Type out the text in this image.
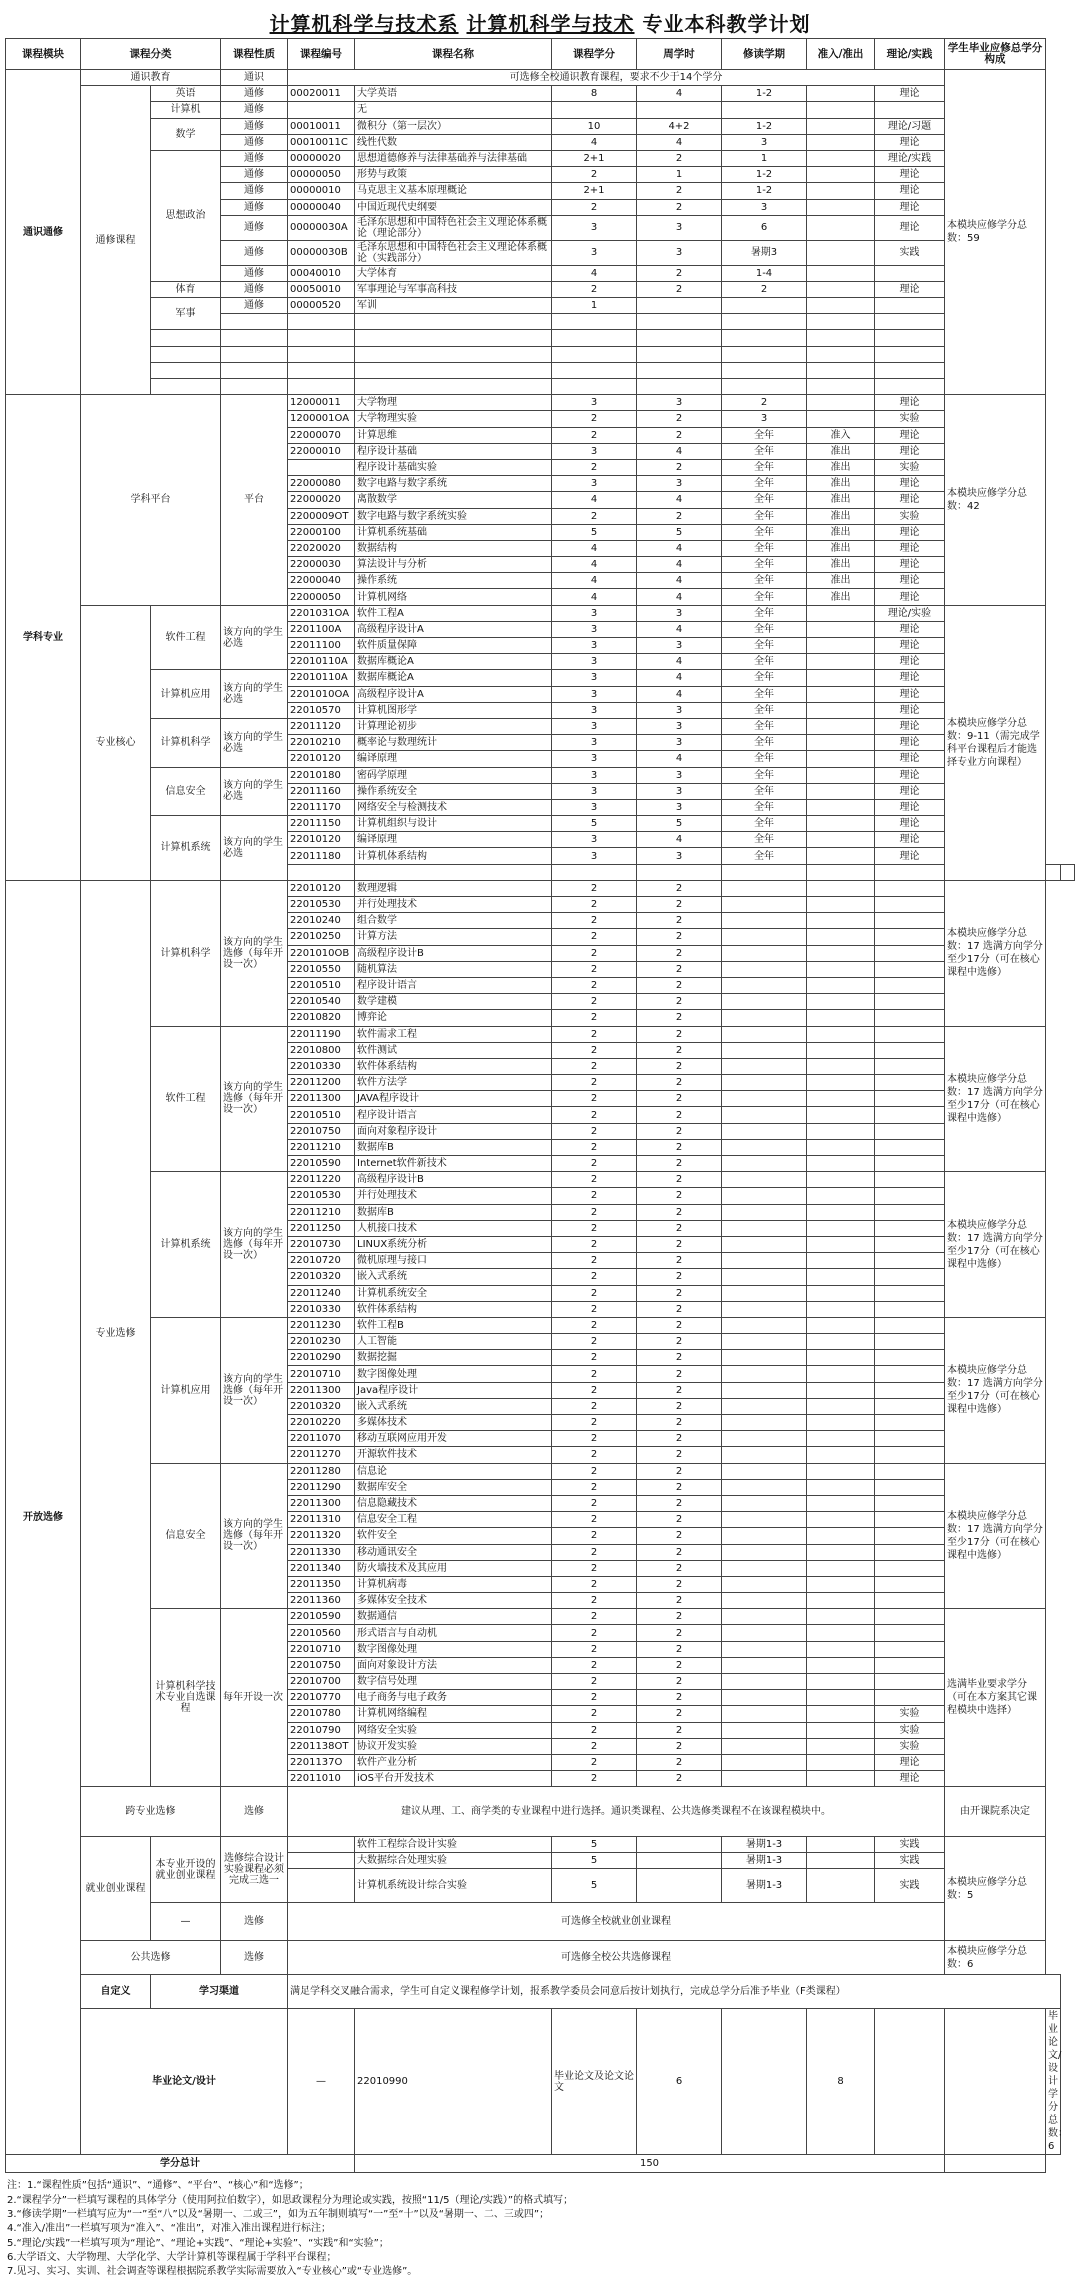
计算机科学与技术系 计算机科学与技术 专业本科教学计划
课程模块	课程分类		课程性质	课程编号	课程名称	课程学分	周学时	修读学期	准入/准出	理论/实践	学生毕业应修总学分构成		
通识通修	通识教育		通识	可选修全校通识教育课程，要求不少于14个学分							本模块应修学分总数：59		
	通修课程	英语	通修	00020011	大学英语	8	4	1-2		理论			
		计算机	通修		无								
		数学	通修	00010011	微积分（第一层次）	10	4+2	1-2		理论/习题			
			通修	00010011C	线性代数	4	4	3		理论			
		思想政治	通修	00000020	思想道德修养与法律基础养与法律基础	2+1	2	1		理论/实践			
			通修	00000050	形势与政策	2	1	1-2		理论			
			通修	00000010	马克思主义基本原理概论	2+1	2	1-2		理论			
			通修	00000040	中国近现代史纲要	2	2	3		理论			
			通修	00000030A	毛泽东思想和中国特色社会主义理论体系概论（理论部分）	3	3	6		理论			
			通修	00000030B	毛泽东思想和中国特色社会主义理论体系概论（实践部分）	3	3	暑期3		实践			
			通修	00040010	大学体育	4	2	1-4					
		体育	通修	00050010	军事理论与军事高科技	2	2	2		理论			
		军事	通修	00000520	军训	1							

学科专业	学科平台		平台	12000011	大学物理	3	3	2		理论	本模块应修学分总数：42		
				1200001OA	大学物理实验	2	2	3		实验			
				22000070	计算思维	2	2	全年	准入	理论			
				22000010	程序设计基础	3	4	全年	准出	理论			
					程序设计基础实验	2	2	全年	准出	实验			
				22000080	数字电路与数字系统	3	3	全年	准出	理论			
				22000020	离散数学	4	4	全年	准出	理论			
				2200009OT	数字电路与数字系统实验	2	2	全年	准出	实验			
				22000100	计算机系统基础	5	5	全年	准出	理论			
				22020020	数据结构	4	4	全年	准出	理论			
				22000030	算法设计与分析	4	4	全年	准出	理论			
				22000040	操作系统	4	4	全年	准出	理论			
				22000050	计算机网络	4	4	全年	准出	理论			
	专业核心	软件工程	该方向的学生必选	2201031OA	软件工程A	3	3	全年		理论/实验	本模块应修学分总数：9-11（需完成学科平台课程后才能选择专业方向课程）		
				2201100A	高级程序设计A	3	4	全年		理论			
				22011100	软件质量保障	3	3	全年		理论			
				22010110A	数据库概论A	3	4	全年		理论			
		计算机应用	该方向的学生必选	22010110A	数据库概论A	3	4	全年		理论			
				2201010OA	高级程序设计A	3	4	全年		理论			
				22010570	计算机图形学	3	3	全年		理论			
		计算机科学	该方向的学生必选	22011120	计算理论初步	3	3	全年		理论			
				22010210	概率论与数理统计	3	3	全年		理论			
				22010120	编译原理	3	4	全年		理论			
		信息安全	该方向的学生必选	22010180	密码学原理	3	3	全年		理论			
				22011160	操作系统安全	3	3	全年		理论			
				22011170	网络安全与检测技术	3	3	全年		理论			
		计算机系统	该方向的学生必选	22011150	计算机组织与设计	5	5	全年		理论			
				22010120	编译原理	3	4	全年		理论			
				22011180	计算机体系结构	3	3	全年		理论			

开放选修	专业选修	计算机科学	该方向的学生选修（每年开设一次）	22010120	数理逻辑	2	2				本模块应修学分总数：17 选满方向学分至少17分（可在核心课程中选修）		
				22010530	并行处理技术	2	2						
				22010240	组合数学	2	2						
				22010250	计算方法	2	2						
				2201010OB	高级程序设计B	2	2						
				22010550	随机算法	2	2						
				22010510	程序设计语言	2	2						
				22010540	数学建模	2	2						
				22010820	博弈论	2	2						
		软件工程	该方向的学生选修（每年开设一次）	22011190	软件需求工程	2	2				本模块应修学分总数：17 选满方向学分至少17分（可在核心课程中选修）		
				22010800	软件测试	2	2						
				22010330	软件体系结构	2	2						
				22011200	软件方法学	2	2						
				22011300	JAVA程序设计	2	2						
				22010510	程序设计语言	2	2						
				22010750	面向对象程序设计	2	2						
				22011210	数据库B	2	2						
				22010590	Internet软件新技术	2	2						
		计算机系统	该方向的学生选修（每年开设一次）	22011220	高级程序设计B	2	2				本模块应修学分总数：17 选满方向学分至少17分（可在核心课程中选修）		
				22010530	并行处理技术	2	2						
				22011210	数据库B	2	2						
				22011250	人机接口技术	2	2						
				22010730	LINUX系统分析	2	2						
				22010720	微机原理与接口	2	2						
				22010320	嵌入式系统	2	2						
				22011240	计算机系统安全	2	2						
				22010330	软件体系结构	2	2						
		计算机应用	该方向的学生选修（每年开设一次）	22011230	软件工程B	2	2				本模块应修学分总数：17 选满方向学分至少17分（可在核心课程中选修）		
				22010230	人工智能	2	2						
				22010290	数据挖掘	2	2						
				22010710	数字图像处理	2	2						
				22011300	Java程序设计	2	2						
				22010320	嵌入式系统	2	2						
				22010220	多媒体技术	2	2						
				22011070	移动互联网应用开发	2	2						
				22011270	开源软件技术	2	2						
		信息安全	该方向的学生选修（每年开设一次）	22011280	信息论	2	2				本模块应修学分总数：17 选满方向学分至少17分（可在核心课程中选修）		
				22011290	数据库安全	2	2						
				22011300	信息隐藏技术	2	2						
				22011310	信息安全工程	2	2						
				22011320	软件安全	2	2						
				22011330	移动通讯安全	2	2						
				22011340	防火墙技术及其应用	2	2						
				22011350	计算机病毒	2	2						
				22011360	多媒体安全技术	2	2						
		计算机科学技术专业自选课程	每年开设一次	22010590	数据通信	2	2				选满毕业要求学分（可在本方案其它课程模块中选择）		
				22010560	形式语言与自动机	2	2						
				22010710	数字图像处理	2	2						
				22010750	面向对象设计方法	2	2						
				22010700	数字信号处理	2	2						
				22010770	电子商务与电子政务	2	2						
				22010780	计算机网络编程	2	2			实验			
				22010790	网络安全实验	2	2			实验			
				2201138OT	协议开发实验	2	2			实验			
				2201137O	软件产业分析	2	2			理论			
				22011010	iOS平台开发技术	2	2			理论			
	跨专业选修		选修	建议从理、工、商学类的专业课程中进行选择。通识类课程、公共选修类课程不在该课程模块中。							由开课院系决定		
	就业创业课程	本专业开设的就业创业课程	选修综合设计实验课程必须完成三选一		软件工程综合设计实验	5		暑期1-3		实践	本模块应修学分总数：5		
					大数据综合处理实验	5		暑期1-3		实践			
					计算机系统设计综合实验	5		暑期1-3		实践			
		—	选修	可选修全校就业创业课程									
	公共选修		选修	可选修全校公共选修课程							本模块应修学分总数：6		
	自定义	学习渠道		满足学科交叉融合需求，学生可自定义课程修学计划，报系教学委员会同意后按计划执行，完成总学分后准予毕业（F类课程）									
	毕业论文/设计			—	22010990	毕业论文及论文论文	6		8			毕业论文/设计学分总数：6	
学分总计					150								
注：1.“课程性质”包括“通识”、“通修”、“平台”、“核心”和“选修”；
2.“课程学分”一栏填写课程的具体学分（使用阿拉伯数字），如思政课程分为理论或实践，按照“11/5（理论/实践）”的格式填写；
3.“修读学期”一栏填写应为“一”至“八”以及“暑期一、二或三”，如为五年制则填写“一”至“十”以及“暑期一、二、三或四”；
4.“准入/准出”一栏填写项为“准入”、“准出”，对准入准出课程进行标注；
5.“理论/实践”一栏填写项为“理论”、“理论+实践”、“理论+实验”、“实践”和“实验”；
6.大学语文、大学物理、大学化学、大学计算机等课程属于学科平台课程；
7.见习、实习、实训、社会调查等课程根据院系教学实际需要放入“专业核心”或“专业选修”。
